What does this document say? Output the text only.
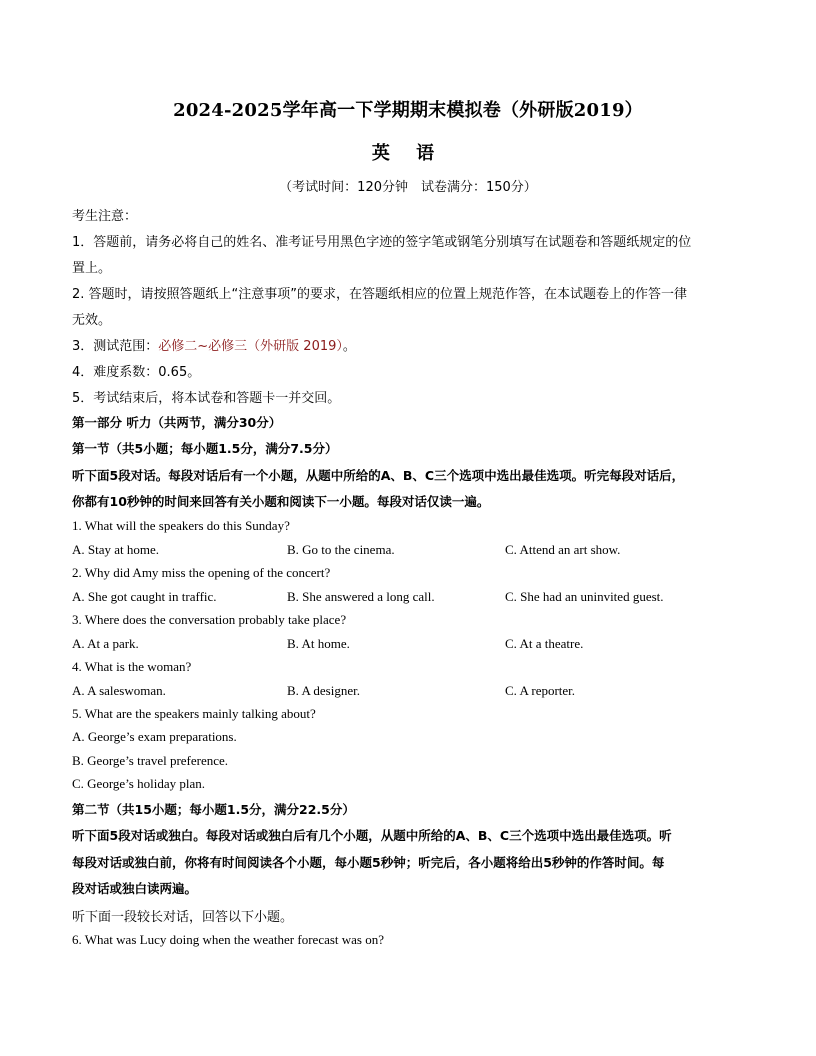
2024-2025学年高一下学期期末模拟卷（外研版2019）
英 语
（考试时间：120分钟　试卷满分：150分）
考生注意：
1．答题前，请务必将自己的姓名、准考证号用黑色字迹的签字笔或钢笔分别填写在试题卷和答题纸规定的位
置上。
2. 答题时，请按照答题纸上“注意事项”的要求，在答题纸相应的位置上规范作答，在本试题卷上的作答一律
无效。
3．测试范围：必修二~必修三（外研版 2019）。
4．难度系数：0.65。
5．考试结束后，将本试卷和答题卡一并交回。
第一部分 听力（共两节，满分30分）
第一节（共5小题；每小题1.5分，满分7.5分）
听下面5段对话。每段对话后有一个小题，从题中所给的A、B、C三个选项中选出最佳选项。听完每段对话后，
你都有10秒钟的时间来回答有关小题和阅读下一小题。每段对话仅读一遍。
1. What will the speakers do this Sunday?
A. Stay at home.	B. Go to the cinema.	C. Attend an art show.
2. Why did Amy miss the opening of the concert?
A. She got caught in traffic.	B. She answered a long call.	C. She had an uninvited guest.
3. Where does the conversation probably take place?
A. At a park.	B. At home.	C. At a theatre.
4. What is the woman?
A. A saleswoman.	B. A designer.	C. A reporter.
5. What are the speakers mainly talking about?
A. George’s exam preparations.
B. George’s travel preference.
C. George’s holiday plan.
第二节（共15小题；每小题1.5分，满分22.5分）
听下面5段对话或独白。每段对话或独白后有几个小题，从题中所给的A、B、C三个选项中选出最佳选项。听
每段对话或独白前，你将有时间阅读各个小题，每小题5秒钟；听完后，各小题将给出5秒钟的作答时间。每
段对话或独白读两遍。
听下面一段较长对话，回答以下小题。
6. What was Lucy doing when the weather forecast was on?
